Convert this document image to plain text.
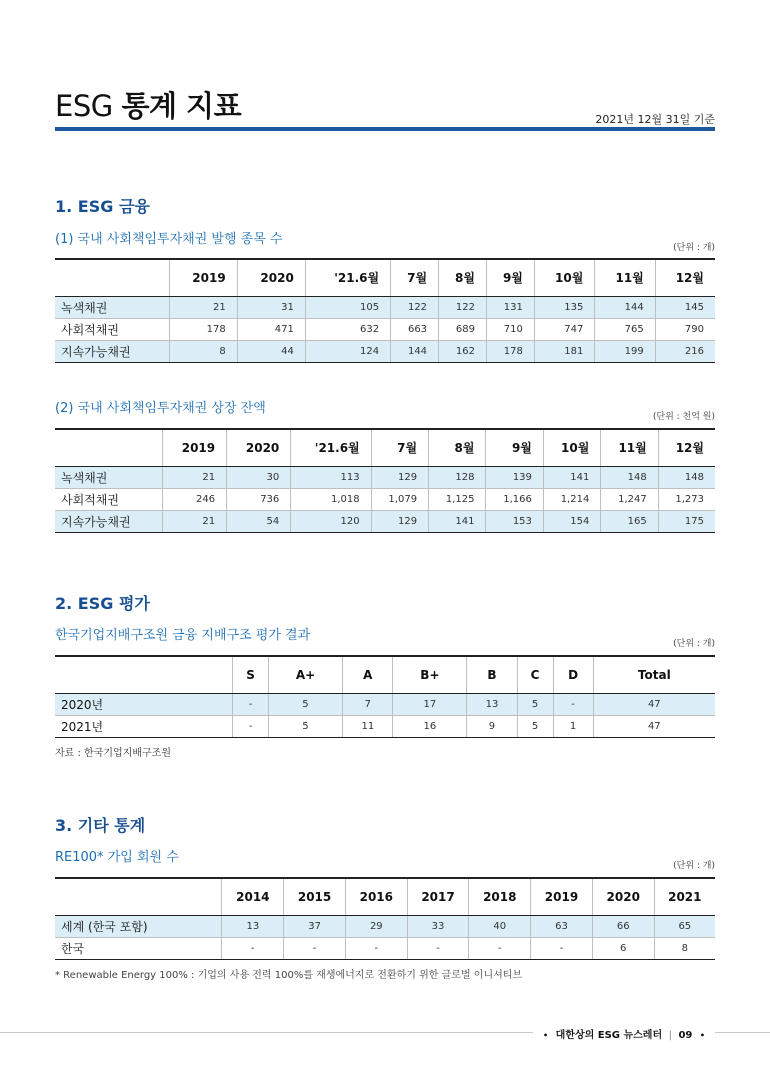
ESG 통계 지표	2021년 12월 31일 기준
1. ESG 금융
(1) 국내 사회책임투자채권 발행 종목 수
(단위 : 개)
	2019	2020	'21.6월	7월	8월	9월	10월	11월	12월
녹색채권	21	31	105	122	122	131	135	144	145
사회적채권	178	471	632	663	689	710	747	765	790
지속가능채권	8	44	124	144	162	178	181	199	216
(2) 국내 사회책임투자채권 상장 잔액
(단위 : 천억 원)
	2019	2020	'21.6월	7월	8월	9월	10월	11월	12월
녹색채권	21	30	113	129	128	139	141	148	148
사회적채권	246	736	1,018	1,079	1,125	1,166	1,214	1,247	1,273
지속가능채권	21	54	120	129	141	153	154	165	175
2. ESG 평가
한국기업지배구조원 금융 지배구조 평가 결과
(단위 : 개)
	S	A+	A	B+	B	C	D	Total
2020년	-	5	7	17	13	5	-	47
2021년	-	5	11	16	9	5	1	47
자료 : 한국기업지배구조원
3. 기타 통계
RE100* 가입 회원 수
(단위 : 개)
	2014	2015	2016	2017	2018	2019	2020	2021
세계 (한국 포함)	13	37	29	33	40	63	66	65
한국	-	-	-	-	-	-	6	8
* Renewable Energy 100% : 기업의 사용 전력 100%를 재생에너지로 전환하기 위한 글로벌 이니셔티브
• 대한상의 ESG 뉴스레터 | 09 •
